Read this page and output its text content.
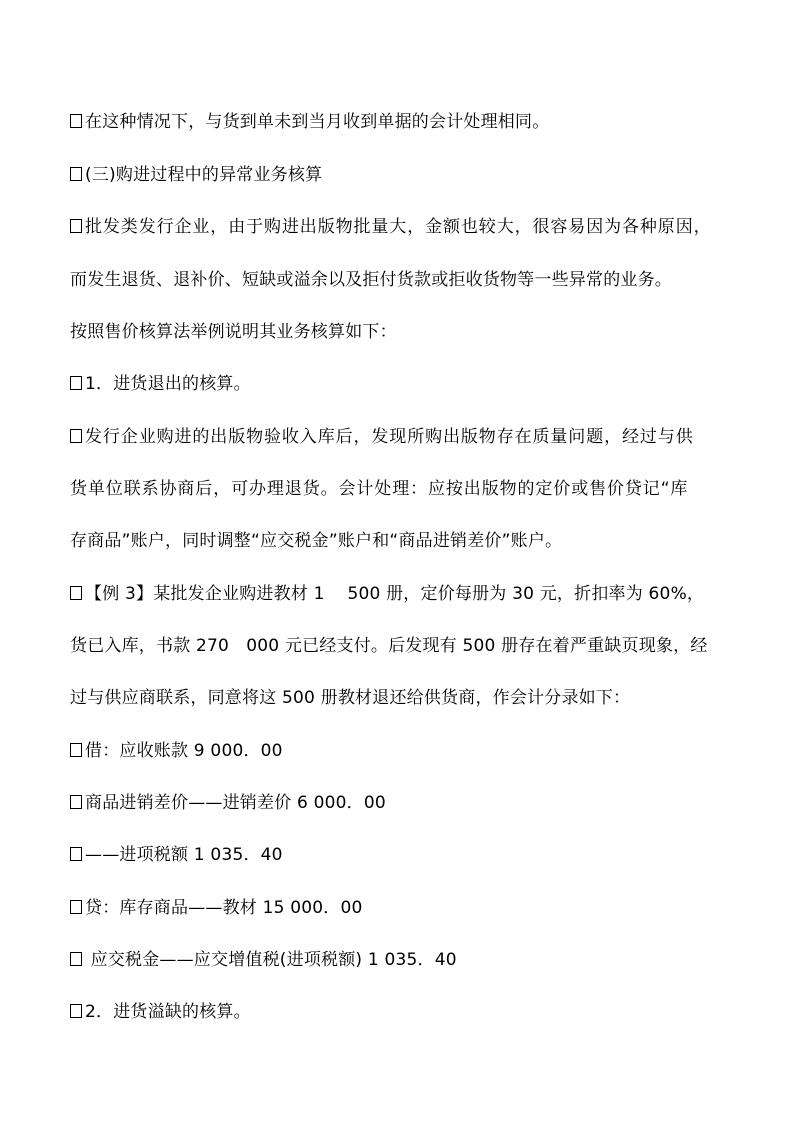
在这种情况下，与货到单未到当月收到单据的会计处理相同。
(三)购进过程中的异常业务核算
批发类发行企业，由于购进出版物批量大，金额也较大，很容易因为各种原因，
而发生退货、退补价、短缺或溢余以及拒付货款或拒收货物等一些异常的业务。
按照售价核算法举例说明其业务核算如下：
1．进货退出的核算。
发行企业购进的出版物验收入库后，发现所购出版物存在质量问题，经过与供
货单位联系协商后，可办理退货。会计处理：应按出版物的定价或售价贷记“库
存商品”账户，同时调整“应交税金”账户和“商品进销差价”账户。
【例 3】某批发企业购进教材 1　 500 册，定价每册为 30 元，折扣率为 60%，
货已入库，书款 270　000 元已经支付。后发现有 500 册存在着严重缺页现象，经
过与供应商联系，同意将这 500 册教材退还给供货商，作会计分录如下：
借：应收账款 9 000．00
商品进销差价——进销差价 6 000．00
——进项税额 1 035．40
贷：库存商品——教材 15 000．00
应交税金——应交增值税(进项税额) 1 035．40
2．进货溢缺的核算。
